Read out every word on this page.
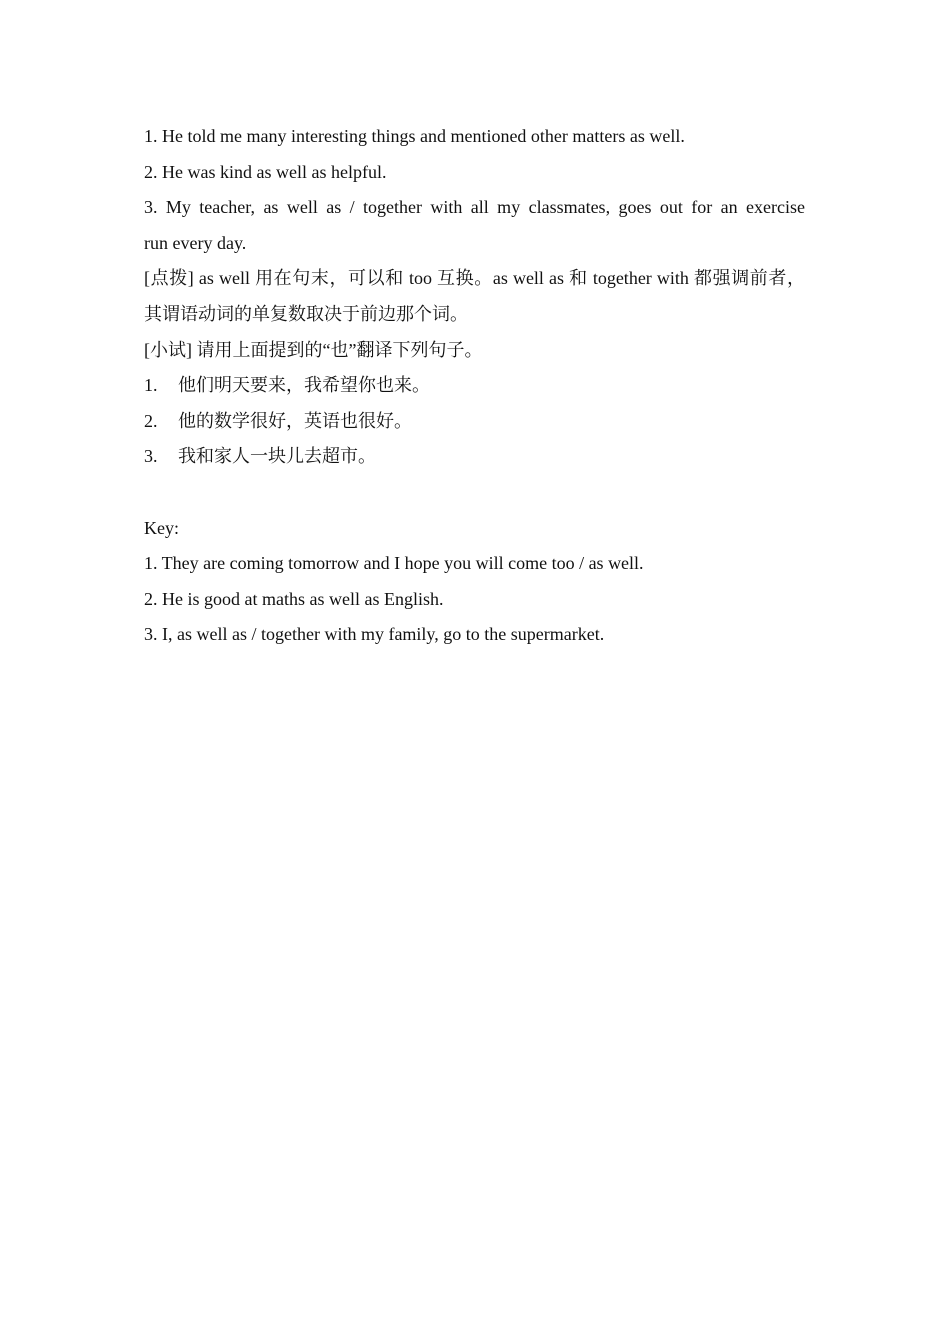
1. He told me many interesting things and mentioned other matters as well.
2. He was kind as well as helpful.
3. My teacher, as well as / together with all my classmates, goes out for an exercise
run every day.
[点拨] as well 用在句末，可以和 too 互换。as well as 和 together with 都强调前者，
其谓语动词的单复数取决于前边那个词。
[小试] 请用上面提到的“也”翻译下列句子。
1. 他们明天要来，我希望你也来。
2. 他的数学很好，英语也很好。
3. 我和家人一块儿去超市。
Key:
1. They are coming tomorrow and I hope you will come too / as well.
2. He is good at maths as well as English.
3. I, as well as / together with my family, go to the supermarket.
